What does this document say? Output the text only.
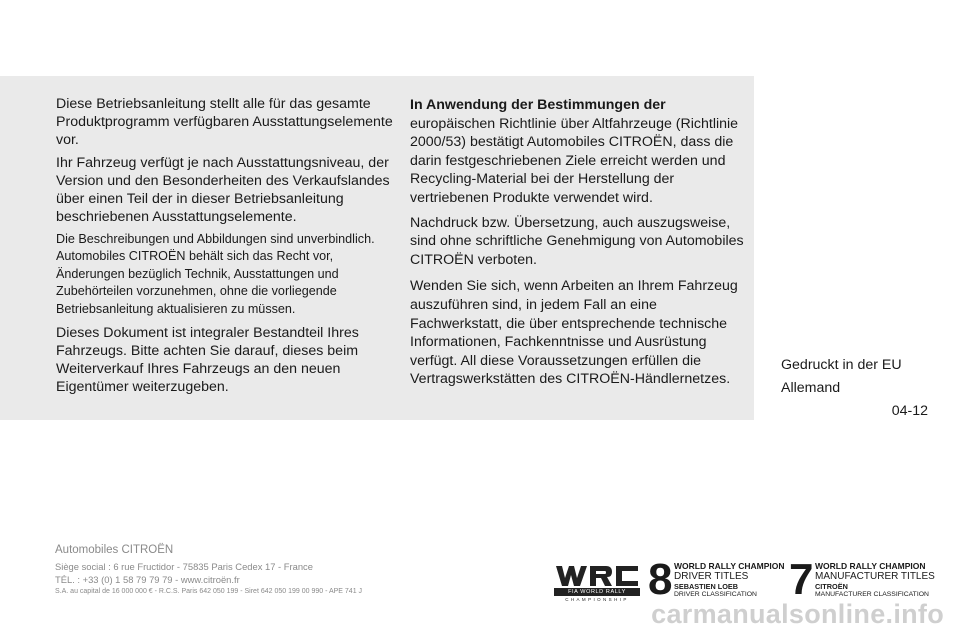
Diese Betriebsanleitung stellt alle für das gesamte Produktprogramm verfügbaren Ausstattungselemente vor.

Ihr Fahrzeug verfügt je nach Ausstattungsniveau, der Version und den Besonderheiten des Verkaufslandes über einen Teil der in dieser Betriebsanleitung beschriebenen Ausstattungselemente.

Die Beschreibungen und Abbildungen sind unverbindlich. Automobiles CITROËN behält sich das Recht vor, Änderungen bezüglich Technik, Ausstattungen und Zubehörteilen vorzunehmen, ohne die vorliegende Betriebsanleitung aktualisieren zu müssen.

Dieses Dokument ist integraler Bestandteil Ihres Fahrzeugs. Bitte achten Sie darauf, dieses beim Weiterverkauf Ihres Fahrzeugs an den neuen Eigentümer weiterzugeben.

In Anwendung der Bestimmungen der europäischen Richtlinie über Altfahrzeuge (Richtlinie 2000/53) bestätigt Automobiles CITROËN, dass die darin festgeschriebenen Ziele erreicht werden und Recycling-Material bei der Herstellung der vertriebenen Produkte verwendet wird.

Nachdruck bzw. Übersetzung, auch auszugsweise, sind ohne schriftliche Genehmigung von Automobiles CITROËN verboten.

Wenden Sie sich, wenn Arbeiten an Ihrem Fahrzeug auszuführen sind, in jedem Fall an eine Fachwerkstatt, die über entsprechende technische Informationen, Fachkenntnisse und Ausrüstung verfügt. All diese Voraussetzungen erfüllen die Vertragswerkstätten des CITROËN-Händlernetzes.

Gedruckt in der EU
Allemand
04-12
Automobiles CITROËN
Siège social : 6 rue Fructidor - 75835 Paris Cedex 17 - France
TÉL. : +33 (0) 1 58 79 79 79 - www.citroën.fr
S.A. au capital de 16 000 000 € - R.C.S. Paris 642 050 199 - Siret 642 050 199 00 990 - APE 741 J	FIA WORLD RALLY
CHAMPIONSHIP 8 WORLD RALLY CHAMPION
DRIVER TITLES
SEBASTIEN LOEB
DRIVER CLASSIFICATION 7 WORLD RALLY CHAMPION
MANUFACTURER TITLES
CITROËN
MANUFACTURER CLASSIFICATION
carmanualsonline.info
